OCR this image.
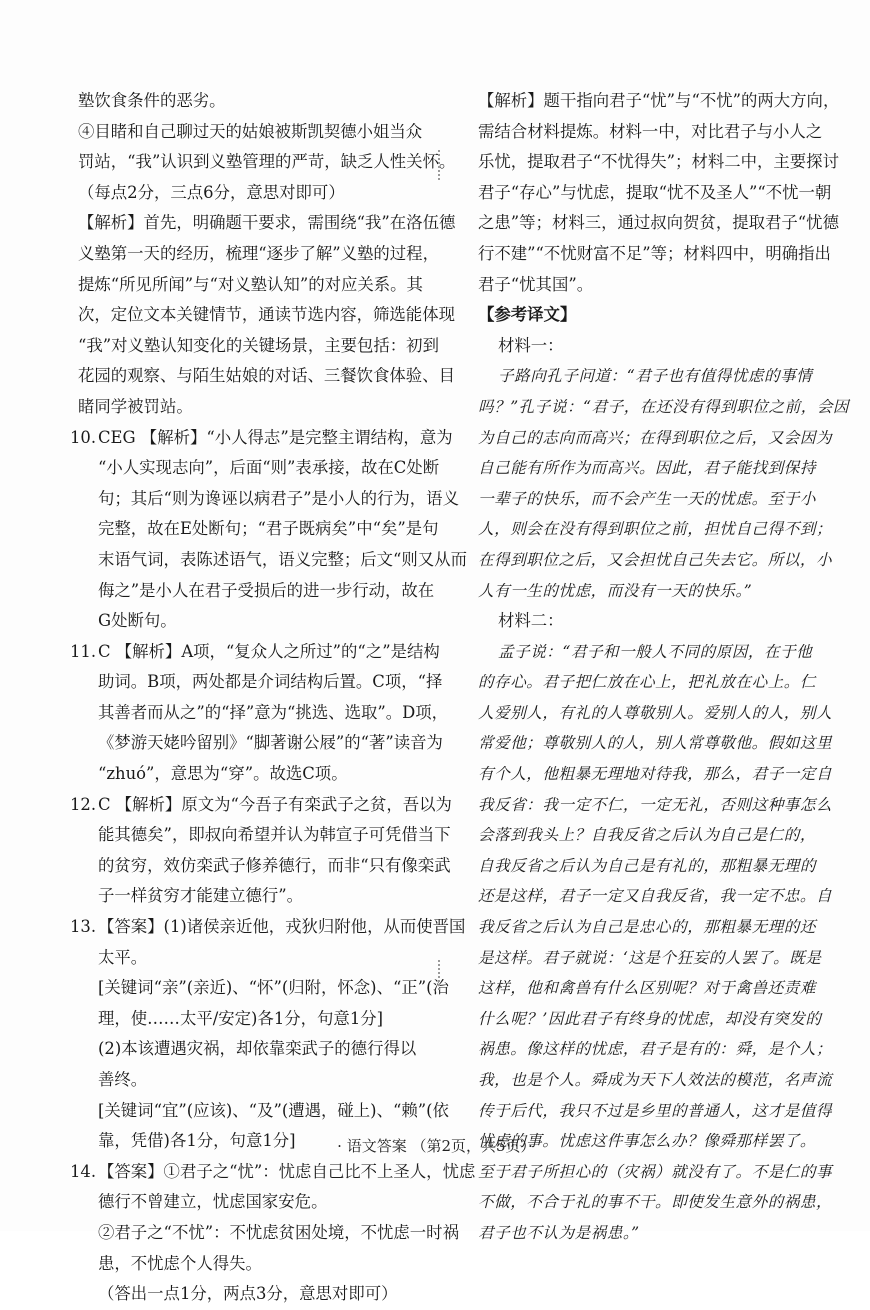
塾饮食条件的恶劣。
④目睹和自己聊过天的姑娘被斯凯契德小姐当众
罚站，“我”认识到义塾管理的严苛，缺乏人性关怀。
（每点2分，三点6分，意思对即可）
【解析】首先，明确题干要求，需围绕“我”在洛伍德
义塾第一天的经历，梳理“逐步了解”义塾的过程，
提炼“所见所闻”与“对义塾认知”的对应关系。其
次，定位文本关键情节，通读节选内容，筛选能体现
“我”对义塾认知变化的关键场景，主要包括：初到
花园的观察、与陌生姑娘的对话、三餐饮食体验、目
睹同学被罚站。
10. CEG 【解析】“小人得志”是完整主谓结构，意为
“小人实现志向”，后面“则”表承接，故在C处断
句；其后“则为谗诬以病君子”是小人的行为，语义
完整，故在E处断句；“君子既病矣”中“矣”是句
末语气词，表陈述语气，语义完整；后文“则又从而
侮之”是小人在君子受损后的进一步行动，故在
G处断句。
11. C 【解析】A项，“复众人之所过”的“之”是结构
助词。B项，两处都是介词结构后置。C项，“择
其善者而从之”的“择”意为“挑选、选取”。D项，
《梦游天姥吟留别》“脚著谢公屐”的“著”读音为
“zhuó”，意思为“穿”。故选C项。
12. C 【解析】原文为“今吾子有栾武子之贫，吾以为
能其德矣”，即叔向希望并认为韩宣子可凭借当下
的贫穷，效仿栾武子修养德行，而非“只有像栾武
子一样贫穷才能建立德行”。
13. 【答案】(1)诸侯亲近他，戎狄归附他，从而使晋国
太平。
[关键词“亲”(亲近)、“怀”(归附，怀念)、“正”(治
理，使……太平/安定)各1分，句意1分]
(2)本该遭遇灾祸，却依靠栾武子的德行得以
善终。
[关键词“宜”(应该)、“及”(遭遇，碰上)、“赖”(依
靠，凭借)各1分，句意1分]
14. 【答案】①君子之“忧”：忧虑自己比不上圣人，忧虑
德行不曾建立，忧虑国家安危。
②君子之“不忧”：不忧虑贫困处境，不忧虑一时祸
患，不忧虑个人得失。
（答出一点1分，两点3分，意思对即可）
【解析】题干指向君子“忧”与“不忧”的两大方向，
需结合材料提炼。材料一中，对比君子与小人之
乐忧，提取君子“不忧得失”；材料二中，主要探讨
君子“存心”与忧虑，提取“忧不及圣人”“不忧一朝
之患”等；材料三，通过叔向贺贫，提取君子“忧德
行不建”“不忧财富不足”等；材料四中，明确指出
君子“忧其国”。
【参考译文】
材料一：
子路向孔子问道：“君子也有值得忧虑的事情
吗？”孔子说：“君子，在还没有得到职位之前，会因
为自己的志向而高兴；在得到职位之后，又会因为
自己能有所作为而高兴。因此，君子能找到保持
一辈子的快乐，而不会产生一天的忧虑。至于小
人，则会在没有得到职位之前，担忧自己得不到；
在得到职位之后，又会担忧自己失去它。所以，小
人有一生的忧虑，而没有一天的快乐。”
材料二：
孟子说：“君子和一般人不同的原因，在于他
的存心。君子把仁放在心上，把礼放在心上。仁
人爱别人，有礼的人尊敬别人。爱别人的人，别人
常爱他；尊敬别人的人，别人常尊敬他。假如这里
有个人，他粗暴无理地对待我，那么，君子一定自
我反省：我一定不仁，一定无礼，否则这种事怎么
会落到我头上？自我反省之后认为自己是仁的，
自我反省之后认为自己是有礼的，那粗暴无理的
还是这样，君子一定又自我反省，我一定不忠。自
我反省之后认为自己是忠心的，那粗暴无理的还
是这样。君子就说：‘这是个狂妄的人罢了。既是
这样，他和禽兽有什么区别呢？对于禽兽还责难
什么呢？’因此君子有终身的忧虑，却没有突发的
祸患。像这样的忧虑，君子是有的：舜，是个人；
我，也是个人。舜成为天下人效法的模范，名声流
传于后代，我只不过是乡里的普通人，这才是值得
忧虑的事。忧虑这件事怎么办？像舜那样罢了。
至于君子所担心的（灾祸）就没有了。不是仁的事
不做，不合于礼的事不干。即使发生意外的祸患，
君子也不认为是祸患。”
· 语文答案 （第2页，共5页）·
